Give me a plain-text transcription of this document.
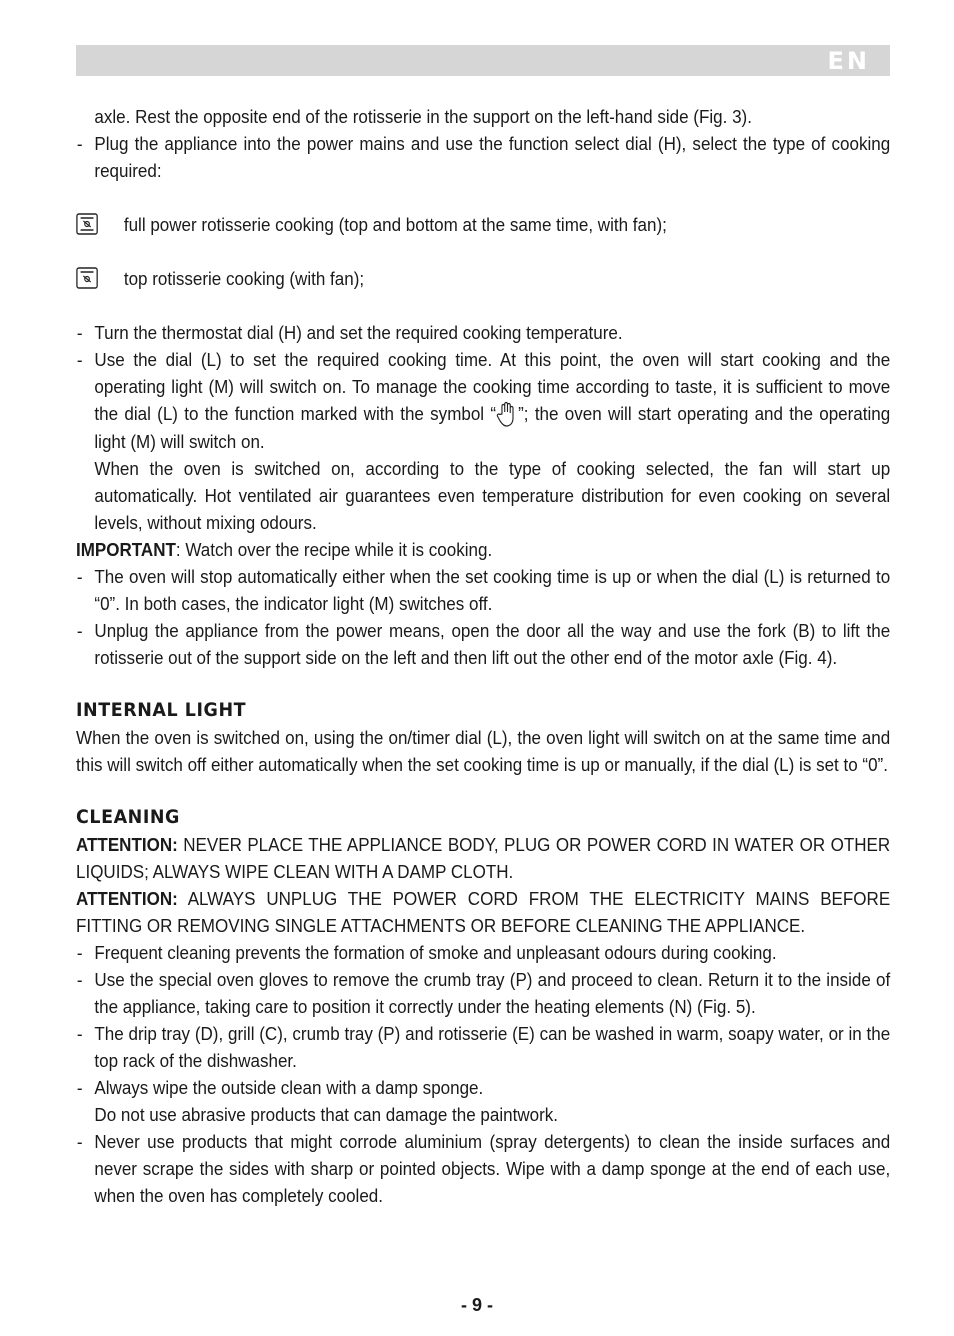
EN

axle. Rest the opposite end of the rotisserie in the support on the left-hand side (Fig. 3).

- Plug the appliance into the power mains and use the function select dial (H), select the type of cooking required:

full power rotisserie cooking (top and bottom at the same time, with fan);
top rotisserie cooking (with fan);

- Turn the thermostat dial (H) and set the required cooking temperature.

- Use the dial (L) to set the required cooking time. At this point, the oven will start cooking and the operating light (M) will switch on. To manage the cooking time according to taste, it is sufficient to move the dial (L) to the function marked with the symbol “ ”; the oven will start operating and the operating light (M) will switch on.

When the oven is switched on, according to the type of cooking selected, the fan will start up automatically. Hot ventilated air guarantees even temperature distribution for even cooking on several levels, without mixing odours.

IMPORTANT: Watch over the recipe while it is cooking.

- The oven will stop automatically either when the set cooking time is up or when the dial (L) is returned to “0”. In both cases, the indicator light (M) switches off.

- Unplug the appliance from the power means, open the door all the way and use the fork (B) to lift the rotisserie out of the support side on the left and then lift out the other end of the motor axle (Fig. 4).

INTERNAL LIGHT

When the oven is switched on, using the on/timer dial (L), the oven light will switch on at the same time and this will switch off either automatically when the set cooking time is up or manually, if the dial (L) is set to “0”.

CLEANING

ATTENTION: NEVER PLACE THE APPLIANCE BODY, PLUG OR POWER CORD IN WATER OR OTHER LIQUIDS; ALWAYS WIPE CLEAN WITH A DAMP CLOTH.

ATTENTION: ALWAYS UNPLUG THE POWER CORD FROM THE ELECTRICITY MAINS BEFORE FITTING OR REMOVING SINGLE ATTACHMENTS OR BEFORE CLEANING THE APPLIANCE.

- Frequent cleaning prevents the formation of smoke and unpleasant odours during cooking.

- Use the special oven gloves to remove the crumb tray (P) and proceed to clean. Return it to the inside of the appliance, taking care to position it correctly under the heating elements (N) (Fig. 5).

- The drip tray (D), grill (C), crumb tray (P) and rotisserie (E) can be washed in warm, soapy water, or in the top rack of the dishwasher.

- Always wipe the outside clean with a damp sponge.

Do not use abrasive products that can damage the paintwork.

- Never use products that might corrode aluminium (spray detergents) to clean the inside surfaces and never scrape the sides with sharp or pointed objects. Wipe with a damp sponge at the end of each use, when the oven has completely cooled.

- 9 -
